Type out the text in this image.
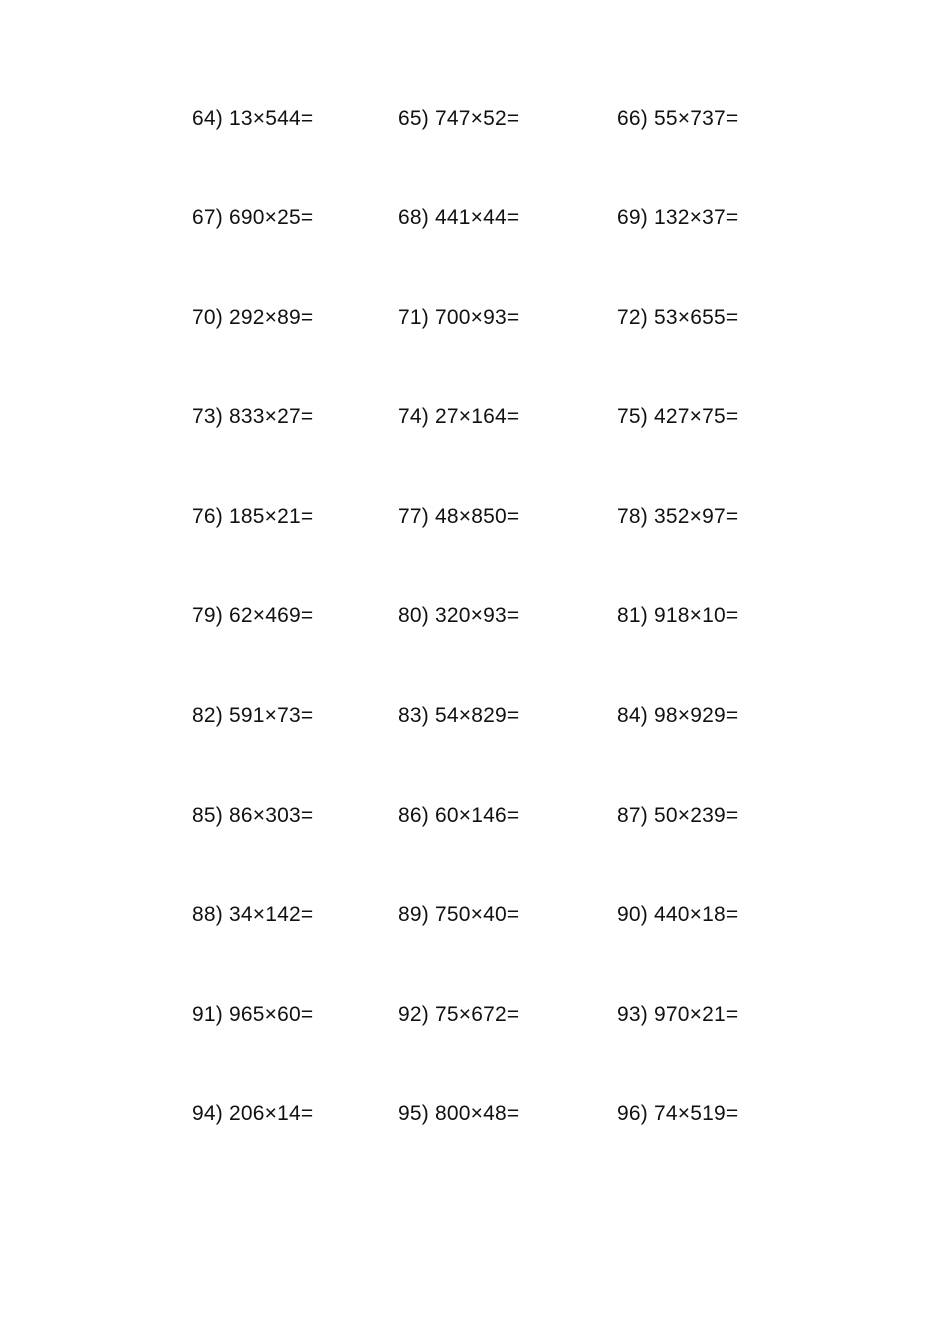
64) 13×544=	65) 747×52=	66) 55×737=
67) 690×25=	68) 441×44=	69) 132×37=
70) 292×89=	71) 700×93=	72) 53×655=
73) 833×27=	74) 27×164=	75) 427×75=
76) 185×21=	77) 48×850=	78) 352×97=
79) 62×469=	80) 320×93=	81) 918×10=
82) 591×73=	83) 54×829=	84) 98×929=
85) 86×303=	86) 60×146=	87) 50×239=
88) 34×142=	89) 750×40=	90) 440×18=
91) 965×60=	92) 75×672=	93) 970×21=
94) 206×14=	95) 800×48=	96) 74×519=
